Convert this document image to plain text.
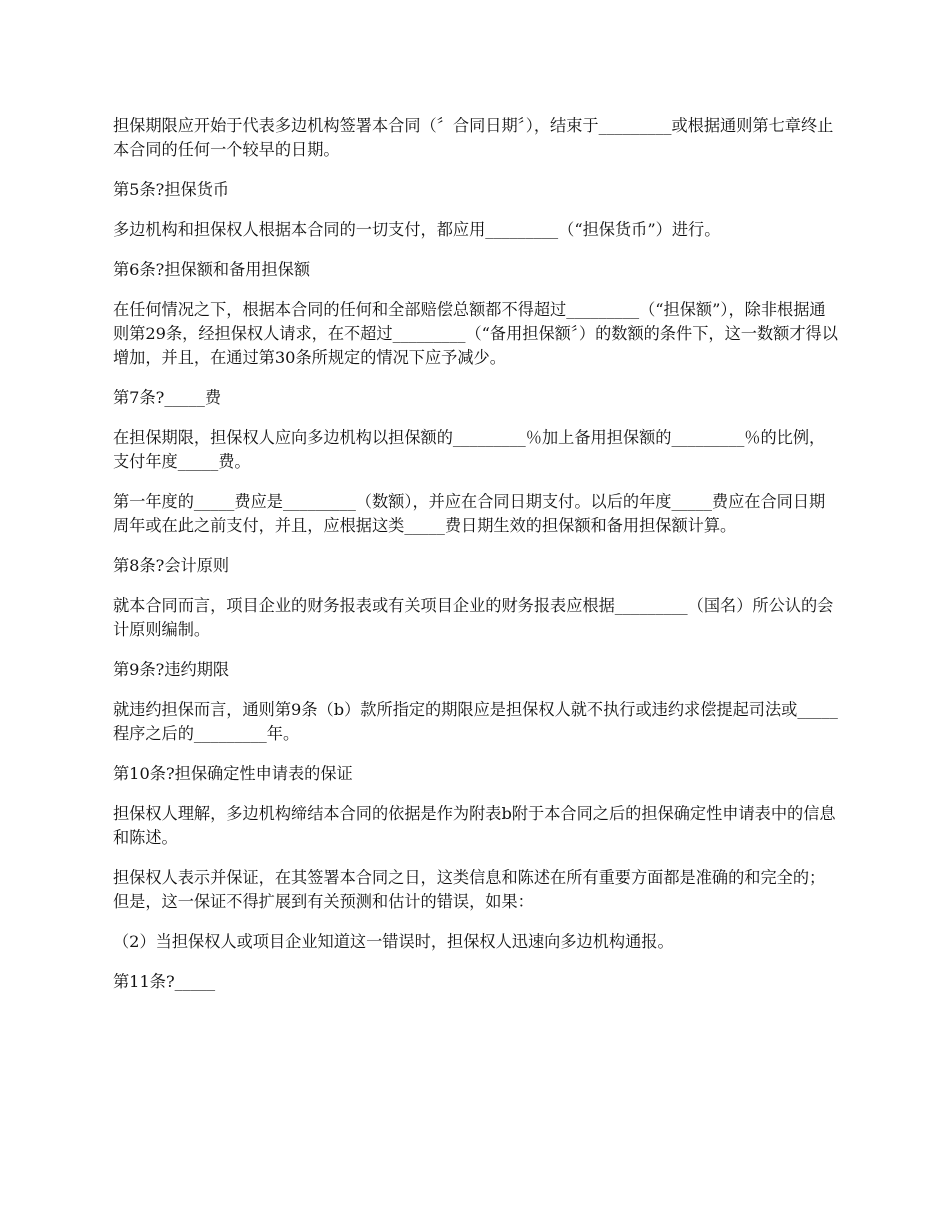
担保期限应开始于代表多边机构签署本合同（〞合同日期〞），结束于_________或根据通则第七章终止本合同的任何一个较早的日期。

第5条?担保货币

多边机构和担保权人根据本合同的一切支付，都应用_________（“担保货币”）进行。

第6条?担保额和备用担保额

在任何情况之下，根据本合同的任何和全部赔偿总额都不得超过_________（“担保额”），除非根据通则第29条，经担保权人请求，在不超过_________（“备用担保额〞）的数额的条件下，这一数额才得以增加，并且，在通过第30条所规定的情况下应予减少。

第7条?_____费

在担保期限，担保权人应向多边机构以担保额的_________％加上备用担保额的_________％的比例，支付年度_____费。

第一年度的_____费应是_________（数额），并应在合同日期支付。以后的年度_____费应在合同日期周年或在此之前支付，并且，应根据这类_____费日期生效的担保额和备用担保额计算。

第8条?会计原则

就本合同而言，项目企业的财务报表或有关项目企业的财务报表应根据_________（国名）所公认的会计原则编制。

第9条?违约期限

就违约担保而言，通则第9条（b）款所指定的期限应是担保权人就不执行或违约求偿提起司法或_____程序之后的_________年。

第10条?担保确定性申请表的保证

担保权人理解，多边机构缔结本合同的依据是作为附表b附于本合同之后的担保确定性申请表中的信息和陈述。

担保权人表示并保证，在其签署本合同之日，这类信息和陈述在所有重要方面都是准确的和完全的；但是，这一保证不得扩展到有关预测和估计的错误，如果：

（2）当担保权人或项目企业知道这一错误时，担保权人迅速向多边机构通报。

第11条?_____
